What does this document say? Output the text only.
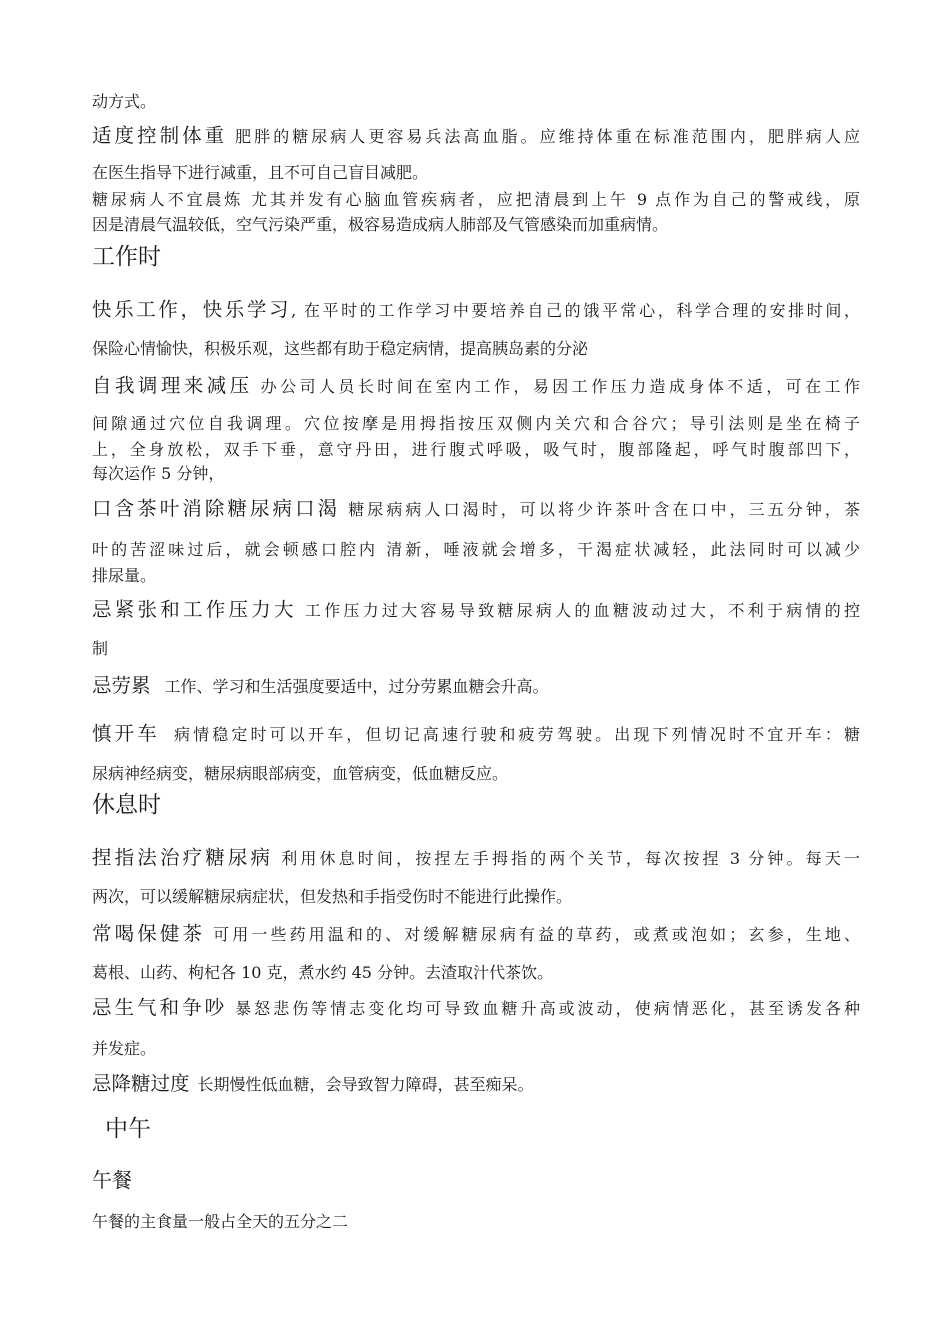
动方式。
适度控制体重 肥胖的糖尿病人更容易兵法高血脂。应维持体重在标准范围内，肥胖病人应
在医生指导下进行减重，且不可自己盲目减肥。
糖尿病人不宜晨炼 尤其并发有心脑血管疾病者，应把清晨到上午 9 点作为自己的警戒线，原
因是清晨气温较低，空气污染严重，极容易造成病人肺部及气管感染而加重病情。
工作时
快乐工作，快乐学习, 在平时的工作学习中要培养自己的饿平常心，科学合理的安排时间，
保险心情愉快，积极乐观，这些都有助于稳定病情，提高胰岛素的分泌
自我调理来减压 办公司人员长时间在室内工作，易因工作压力造成身体不适，可在工作
间隙通过穴位自我调理。穴位按摩是用拇指按压双侧内关穴和合谷穴；导引法则是坐在椅子
上，全身放松，双手下垂，意守丹田，进行腹式呼吸，吸气时，腹部隆起，呼气时腹部凹下，
每次运作 5 分钟，
口含茶叶消除糖尿病口渴 糖尿病病人口渴时，可以将少许茶叶含在口中，三五分钟，茶
叶的苦涩味过后，就会顿感口腔内 清新，唾液就会增多，干渴症状减轻，此法同时可以减少
排尿量。
忌紧张和工作压力大 工作压力过大容易导致糖尿病人的血糖波动过大，不利于病情的控
制
忌劳累 工作、学习和生活强度要适中，过分劳累血糖会升高。
慎开车 病情稳定时可以开车，但切记高速行驶和疲劳驾驶。出现下列情况时不宜开车：糖
尿病神经病变，糖尿病眼部病变，血管病变，低血糖反应。
休息时
捏指法治疗糖尿病 利用休息时间，按捏左手拇指的两个关节，每次按捏 3 分钟。每天一
两次，可以缓解糖尿病症状，但发热和手指受伤时不能进行此操作。
常喝保健茶 可用一些药用温和的、对缓解糖尿病有益的草药，或煮或泡如；玄参，生地、
葛根、山药、枸杞各 10 克，煮水约 45 分钟。去渣取汁代茶饮。
忌生气和争吵 暴怒悲伤等情志变化均可导致血糖升高或波动，使病情恶化，甚至诱发各种
并发症。
忌降糖过度 长期慢性低血糖，会导致智力障碍，甚至痴呆。
中午
午餐
午餐的主食量一般占全天的五分之二
